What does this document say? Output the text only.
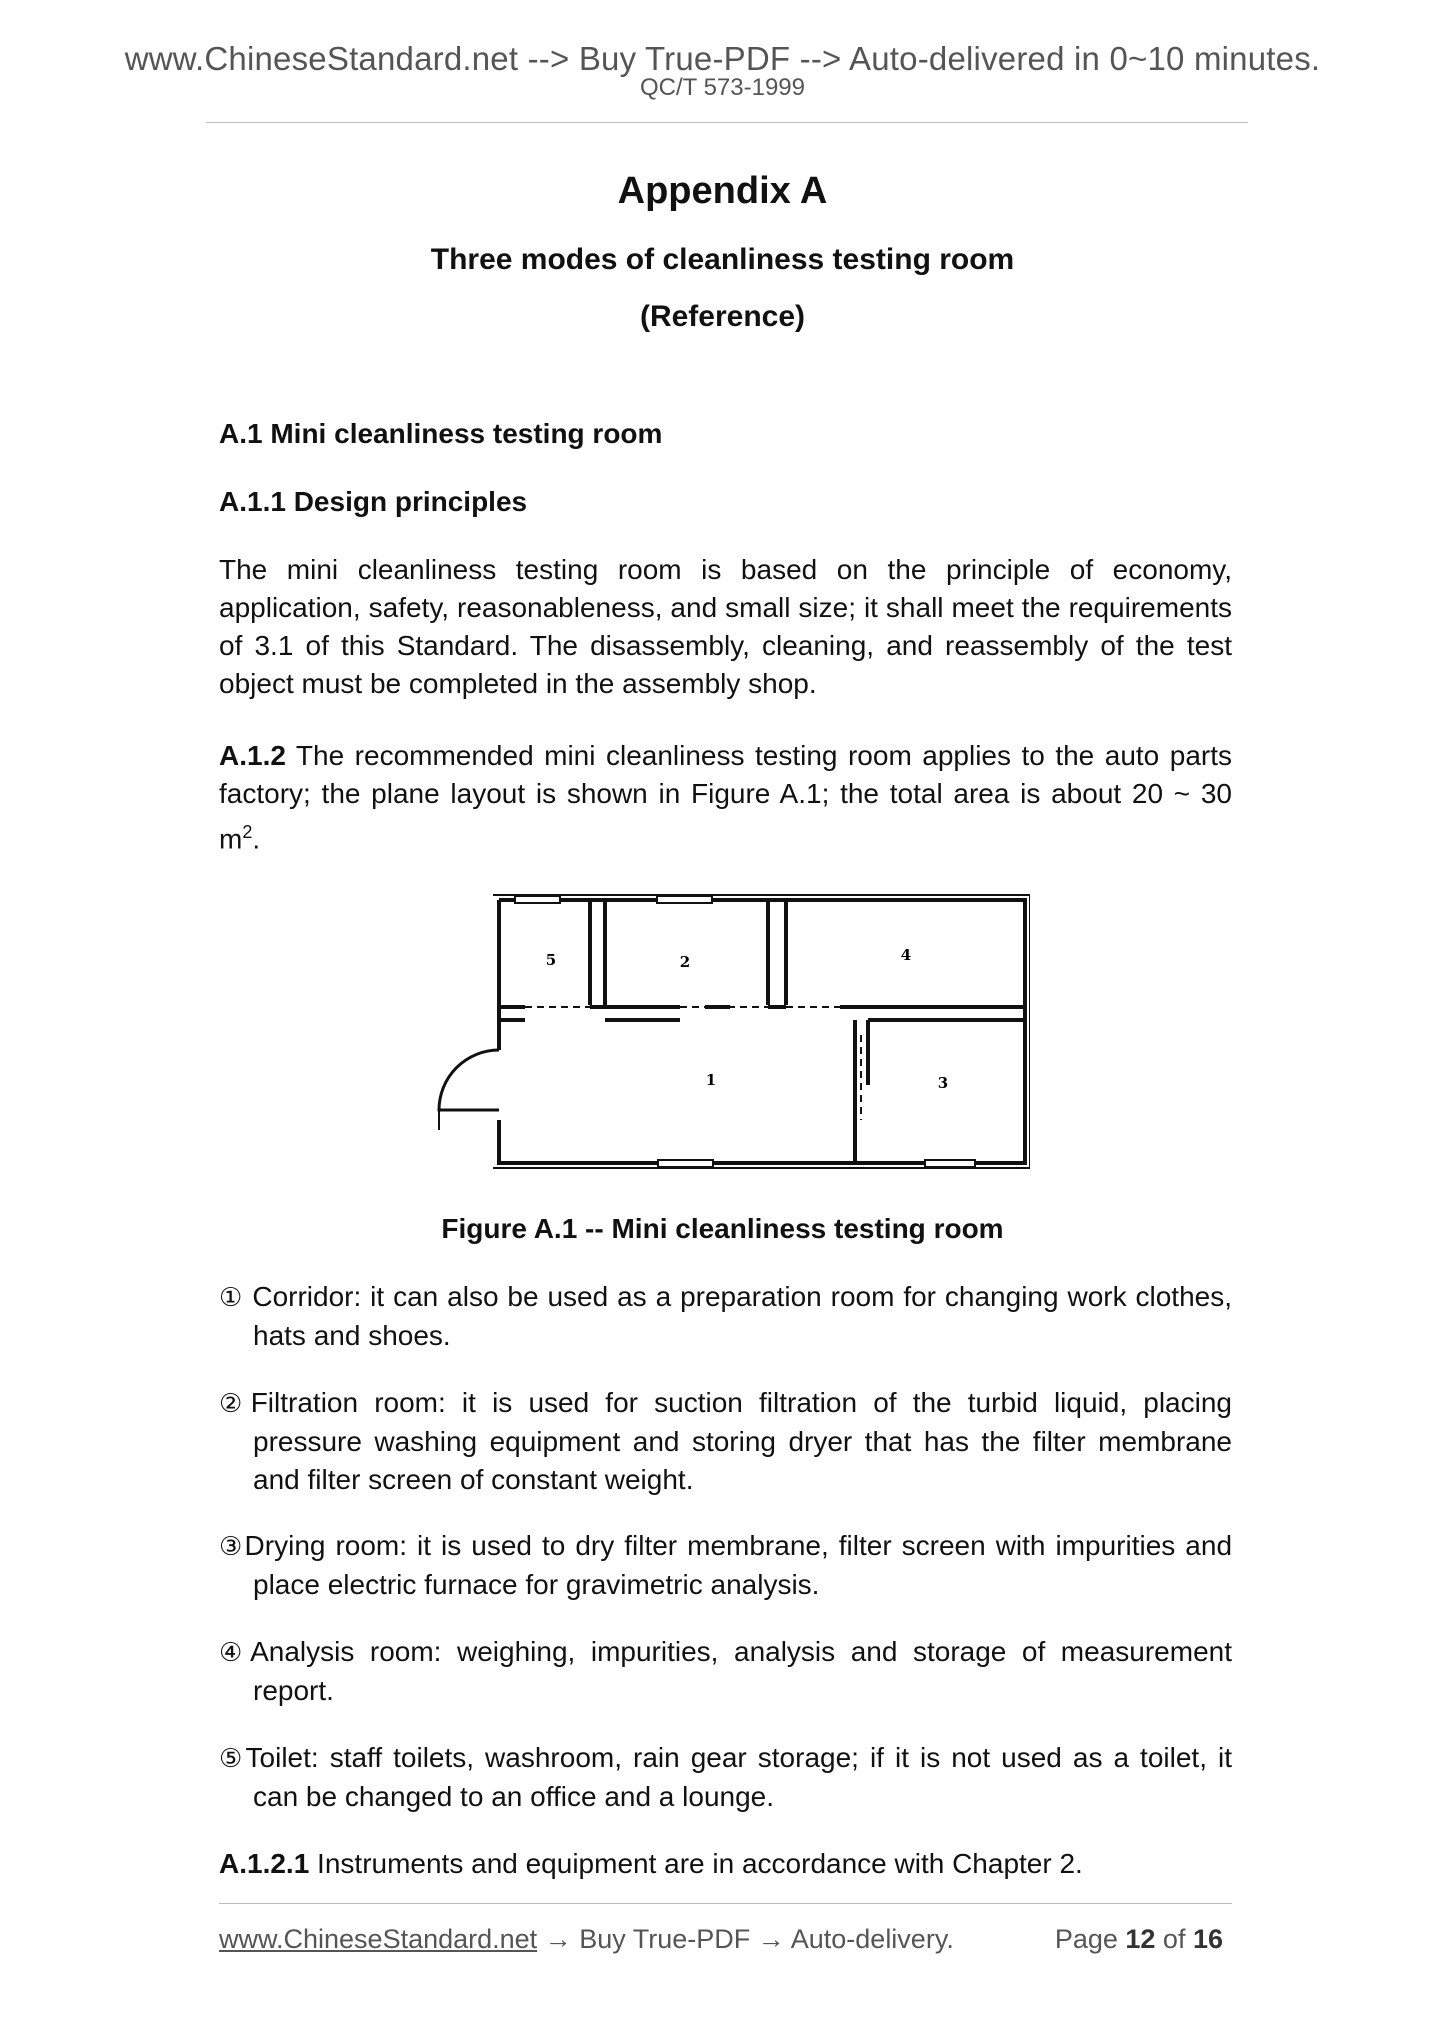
www.ChineseStandard.net --> Buy True-PDF --> Auto-delivered in 0~10 minutes.
QC/T 573-1999
Appendix A
Three modes of cleanliness testing room
(Reference)
A.1 Mini cleanliness testing room
A.1.1 Design principles
The mini cleanliness testing room is based on the principle of economy, application, safety, reasonableness, and small size; it shall meet the requirements of 3.1 of this Standard. The disassembly, cleaning, and reassembly of the test object must be completed in the assembly shop.
A.1.2 The recommended mini cleanliness testing room applies to the auto parts factory; the plane layout is shown in Figure A.1; the total area is about 20 ~ 30 $m^2$.
5	2	4
1	3
Figure A.1 -- Mini cleanliness testing room
① Corridor: it can also be used as a preparation room for changing work clothes, hats and shoes.
②Filtration room: it is used for suction filtration of the turbid liquid, placing pressure washing equipment and storing dryer that has the filter membrane and filter screen of constant weight.
③Drying room: it is used to dry filter membrane, filter screen with impurities and place electric furnace for gravimetric analysis.
④Analysis room: weighing, impurities, analysis and storage of measurement report.
⑤Toilet: staff toilets, washroom, rain gear storage; if it is not used as a toilet, it can be changed to an office and a lounge.
A.1.2.1 Instruments and equipment are in accordance with Chapter 2.
www.ChineseStandard.net → Buy True-PDF → Auto-delivery.	Page 12 of 16
